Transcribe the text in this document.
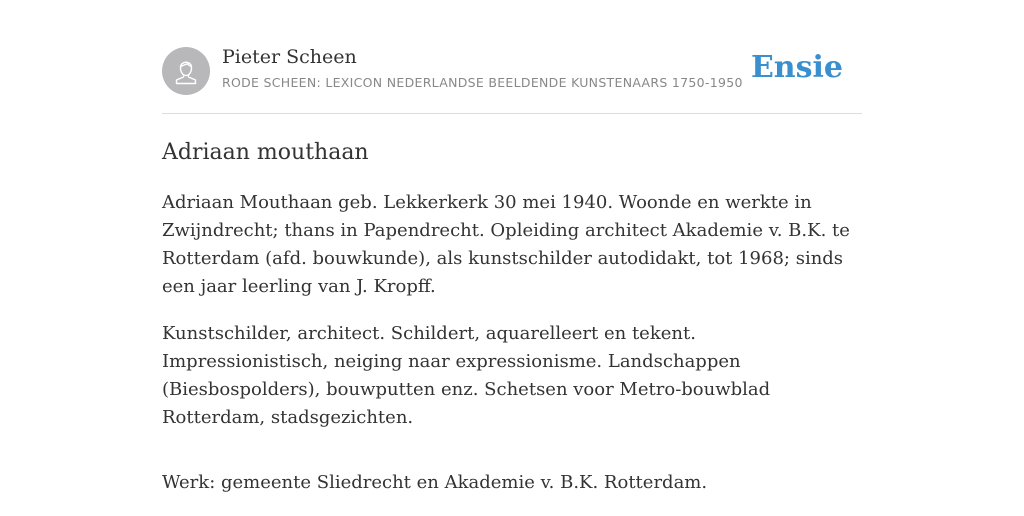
Pieter Scheen
RODE SCHEEN: LEXICON NEDERLANDSE BEELDENDE KUNSTENAARS 1750-1950 Ensie
Adriaan mouthaan

Adriaan Mouthaan geb. Lekkerkerk 30 mei 1940. Woonde en werkte in Zwijndrecht; thans in Papendrecht. Opleiding architect Akademie v. B.K. te Rotterdam (afd. bouwkunde), als kunstschilder autodidakt, tot 1968; sinds een jaar leerling van J. Kropff.

Kunstschilder, architect. Schildert, aquarelleert en tekent. Impressionistisch, neiging naar expressionisme. Landschappen (Biesbospolders), bouwputten enz. Schetsen voor Metro-bouwblad Rotterdam, stadsgezichten.

Werk: gemeente Sliedrecht en Akademie v. B.K. Rotterdam.
